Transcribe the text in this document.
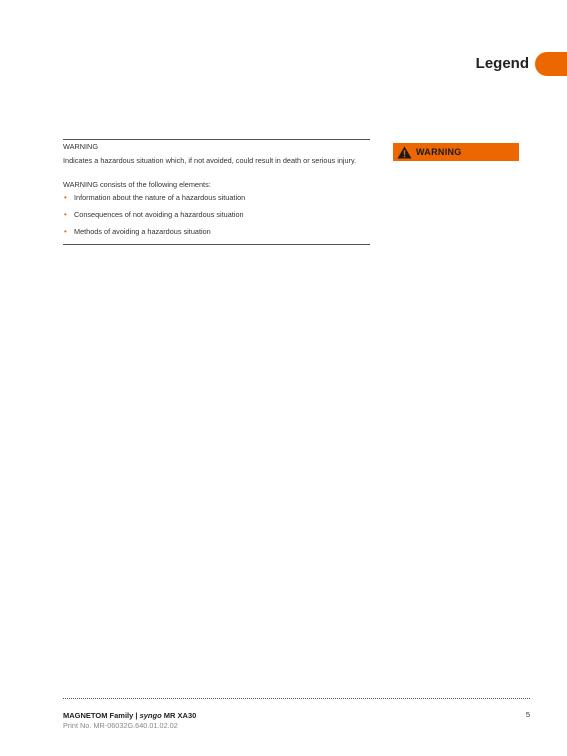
Legend
WARNING
Indicates a hazardous situation which, if not avoided, could result in death or serious injury.
WARNING consists of the following elements:
• Information about the nature of a hazardous situation
• Consequences of not avoiding a hazardous situation
• Methods of avoiding a hazardous situation
WARNING
MAGNETOM Family | syngo MR XA30
Print No. MR-06032G.640.01.02.02
5
